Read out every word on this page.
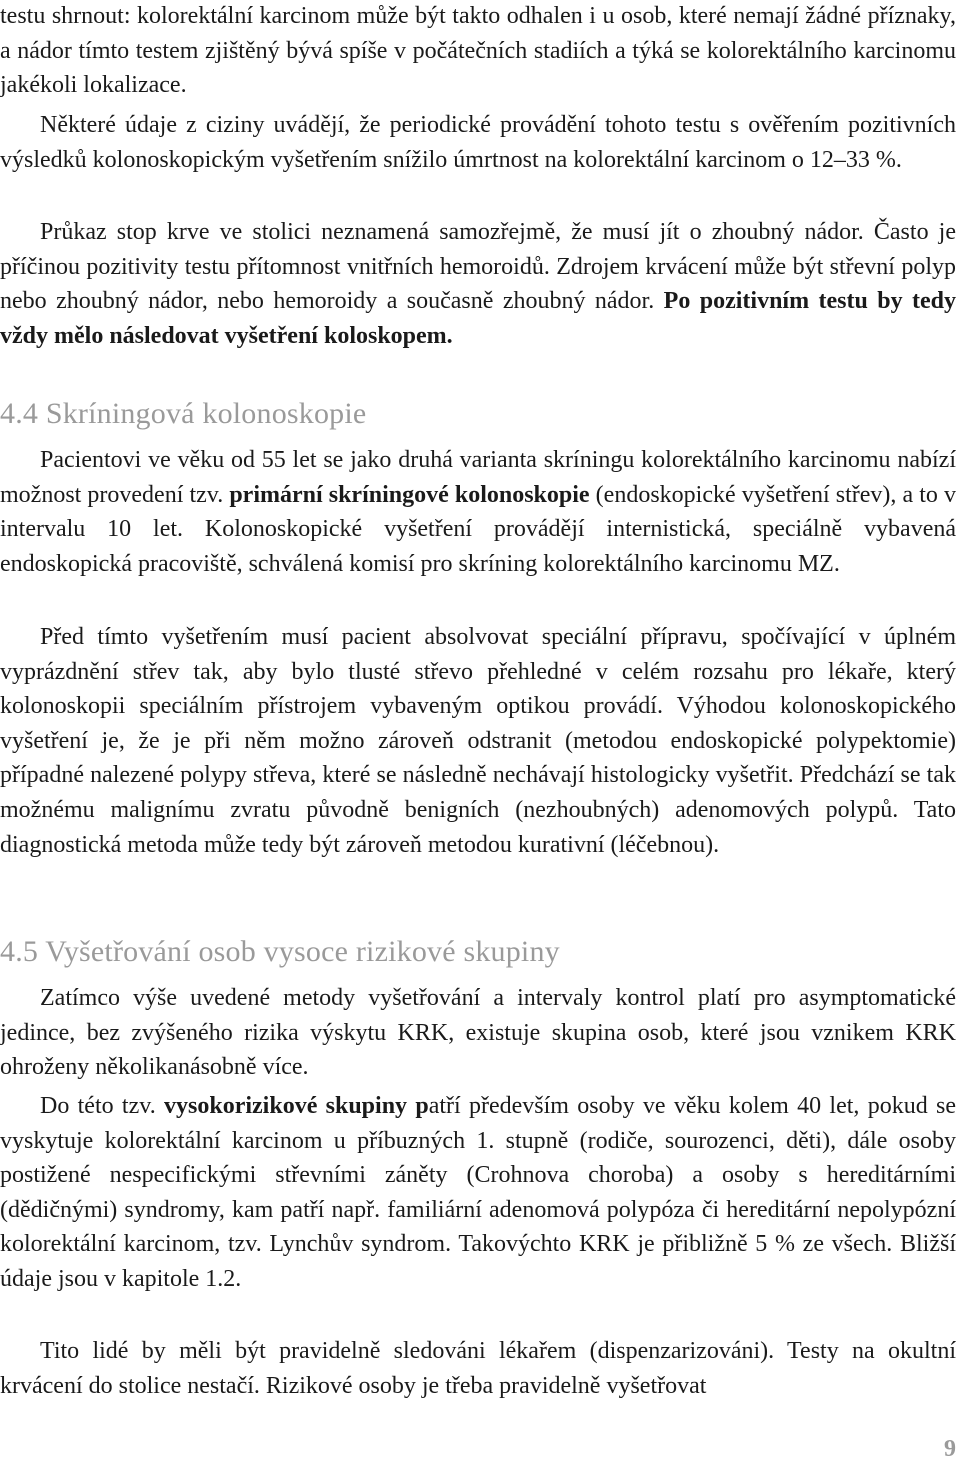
testu shrnout: kolorektální karcinom může být takto odhalen i u osob, které nemají žádné příznaky, a nádor tímto testem zjištěný bývá spíše v počátečních stadiích a týká se kolorektálního karcinomu jakékoli lokalizace.

Některé údaje z ciziny uvádějí, že periodické provádění tohoto testu s ověřením pozitivních výsledků kolonoskopickým vyšetřením snížilo úmrtnost na kolorektální karcinom o 12–33 %.

Průkaz stop krve ve stolici neznamená samozřejmě, že musí jít o zhoubný nádor. Často je příčinou pozitivity testu přítomnost vnitřních hemoroidů. Zdrojem krvácení může být střevní polyp nebo zhoubný nádor, nebo hemoroidy a současně zhoubný nádor. Po pozitivním testu by tedy vždy mělo následovat vyšetření koloskopem.

4.4 Skríningová kolonoskopie

Pacientovi ve věku od 55 let se jako druhá varianta skríningu kolorektálního karcinomu nabízí možnost provedení tzv. primární skríningové kolonoskopie (endoskopické vyšetření střev), a to v intervalu 10 let. Kolonoskopické vyšetření provádějí internistická, speciálně vybavená endoskopická pracoviště, schválená komisí pro skríning kolorektálního karcinomu MZ.

Před tímto vyšetřením musí pacient absolvovat speciální přípravu, spočívající v úplném vyprázdnění střev tak, aby bylo tlusté střevo přehledné v celém rozsahu pro lékaře, který kolonoskopii speciálním přístrojem vybaveným optikou provádí. Výhodou kolonoskopického vyšetření je, že je při něm možno zároveň odstranit (metodou endoskopické polypektomie) případné nalezené polypy střeva, které se následně nechávají histologicky vyšetřit. Předchází se tak možnému malignímu zvratu původně benigních (nezhoubných) adenomových polypů. Tato diagnostická metoda může tedy být zároveň metodou kurativní (léčebnou).

4.5 Vyšetřování osob vysoce rizikové skupiny

Zatímco výše uvedené metody vyšetřování a intervaly kontrol platí pro asymptomatické jedince, bez zvýšeného rizika výskytu KRK, existuje skupina osob, které jsou vznikem KRK ohroženy několikanásobně více.

Do této tzv. vysokorizikové skupiny patří především osoby ve věku kolem 40 let, pokud se vyskytuje kolorektální karcinom u příbuzných 1. stupně (rodiče, sourozenci, děti), dále osoby postižené nespecifickými střevními záněty (Crohnova choroba) a osoby s hereditárními (dědičnými) syndromy, kam patří např. familiární adenomová polypóza či hereditární nepolypózní kolorektální karcinom, tzv. Lynchův syndrom. Takovýchto KRK je přibližně 5 % ze všech. Bližší údaje jsou v kapitole 1.2.

Tito lidé by měli být pravidelně sledováni lékařem (dispenzarizováni). Testy na okultní krvácení do stolice nestačí. Rizikové osoby je třeba pravidelně vyšetřovat

9
